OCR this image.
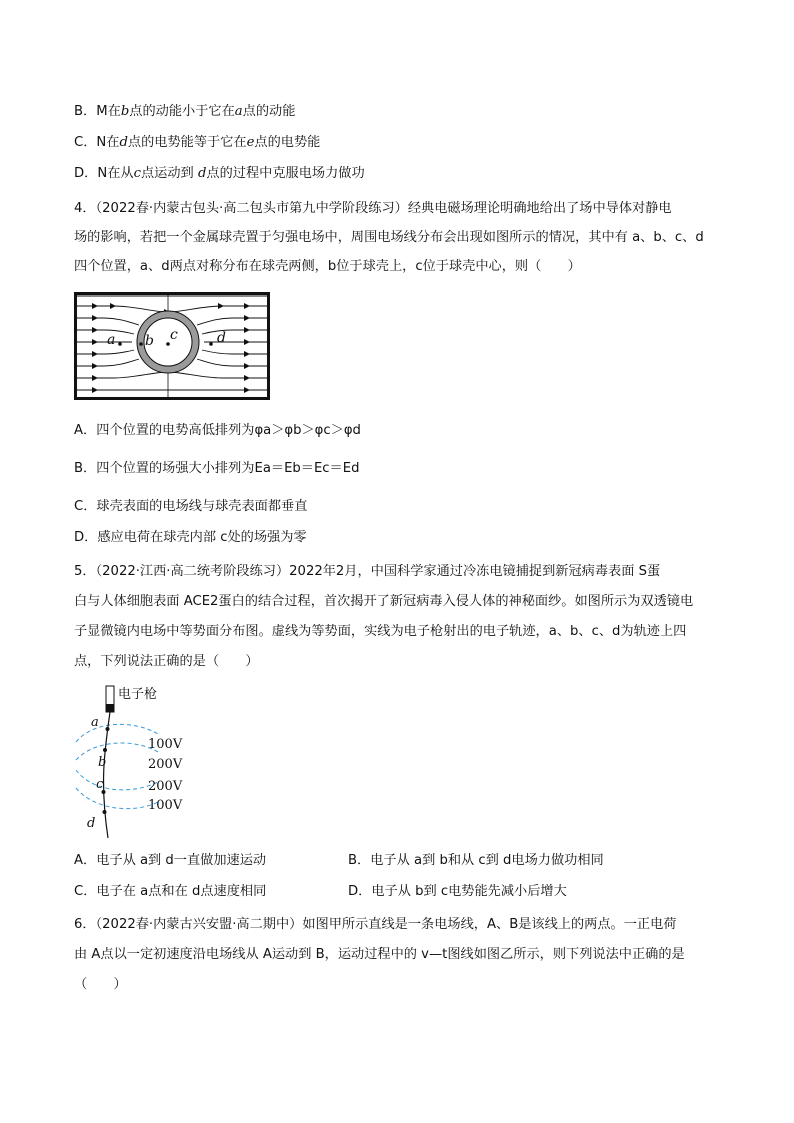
B．M在b点的动能小于它在a点的动能
C．N在d点的电势能等于它在e点的电势能
D．N在从c点运动到 d点的过程中克服电场力做功
4．（2022春·内蒙古包头·高二包头市第九中学阶段练习）经典电磁场理论明确地给出了场中导体对静电
场的影响，若把一个金属球壳置于匀强电场中，周围电场线分布会出现如图所示的情况，其中有 a、b、c、d
四个位置，a、d两点对称分布在球壳两侧，b位于球壳上，c位于球壳中心，则（　　）
a b c	d
A．四个位置的电势高低排列为φa＞φb＞φc＞φd
B．四个位置的场强大小排列为Ea＝Eb＝Ec＝Ed
C．球壳表面的电场线与球壳表面都垂直
D．感应电荷在球壳内部 c处的场强为零
5．（2022·江西·高二统考阶段练习）2022年2月，中国科学家通过冷冻电镜捕捉到新冠病毒表面 S蛋
白与人体细胞表面 ACE2蛋白的结合过程，首次揭开了新冠病毒入侵人体的神秘面纱。如图所示为双透镜电
子显微镜内电场中等势面分布图。虚线为等势面，实线为电子枪射出的电子轨迹，a、b、c、d为轨迹上四
点，下列说法正确的是（　　）
电子枪
a
b
c
d
100V
200V
200V
100V
A．电子从 a到 d一直做加速运动	B．电子从 a到 b和从 c到 d电场力做功相同
C．电子在 a点和在 d点速度相同	D．电子从 b到 c电势能先减小后增大
6．（2022春·内蒙古兴安盟·高二期中）如图甲所示直线是一条电场线，A、B是该线上的两点。一正电荷
由 A点以一定初速度沿电场线从 A运动到 B，运动过程中的 v—t图线如图乙所示，则下列说法中正确的是
（　　）
